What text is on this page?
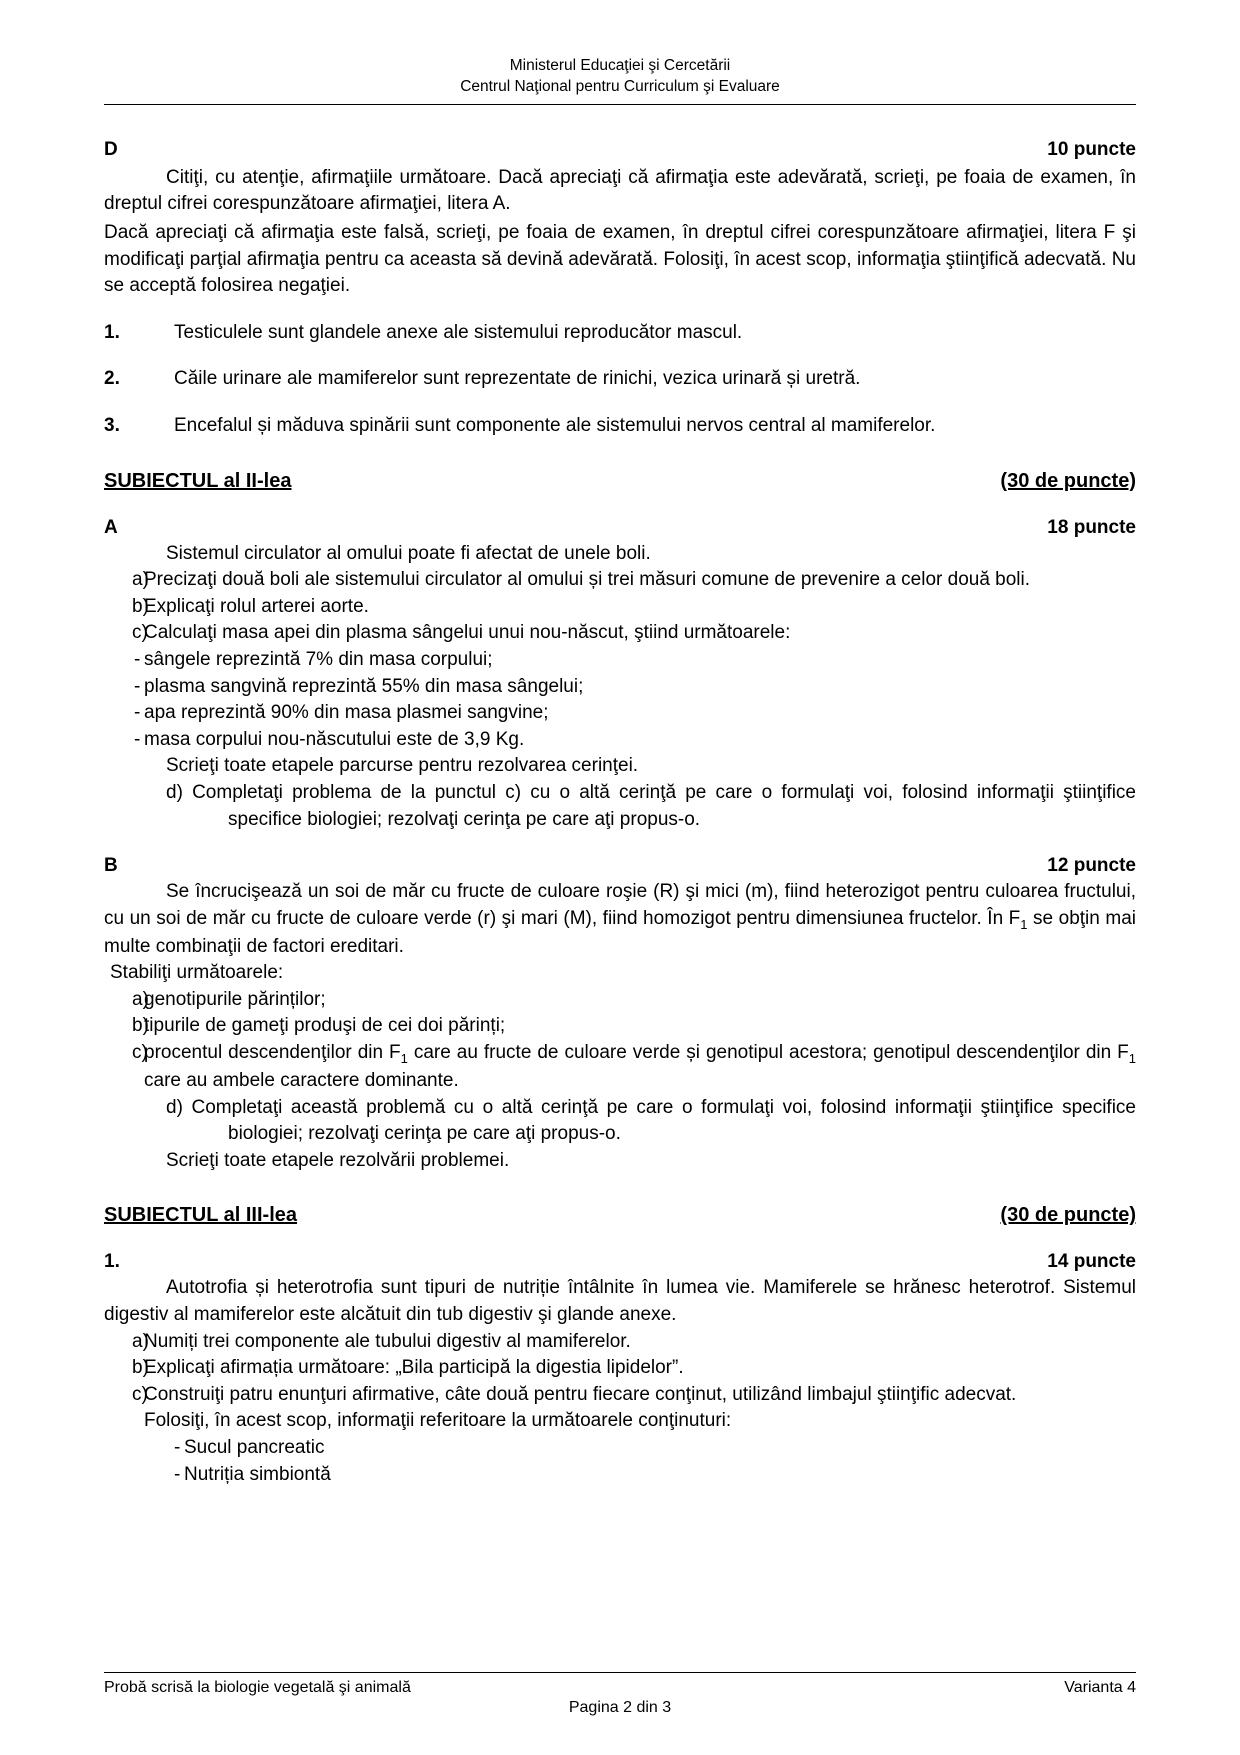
Ministerul Educaţiei şi Cercetării
Centrul Naţional pentru Curriculum şi Evaluare
D	10 puncte
Citiţi, cu atenţie, afirmaţiile următoare. Dacă apreciaţi că afirmaţia este adevărată, scrieţi, pe foaia de examen, în dreptul cifrei corespunzătoare afirmaţiei, litera A.
Dacă apreciaţi că afirmaţia este falsă, scrieţi, pe foaia de examen, în dreptul cifrei corespunzătoare afirmaţiei, litera F şi modificaţi parţial afirmaţia pentru ca aceasta să devină adevărată. Folosiţi, în acest scop, informaţia ştiinţifică adecvată. Nu se acceptă folosirea negaţiei.
1.	Testiculele sunt glandele anexe ale sistemului reproducător mascul.
2.	Căile urinare ale mamiferelor sunt reprezentate de rinichi, vezica urinară și uretră.
3.	Encefalul și măduva spinării sunt componente ale sistemului nervos central al mamiferelor.
SUBIECTUL al II-lea	(30 de puncte)
A	18 puncte
Sistemul circulator al omului poate fi afectat de unele boli.
a)
Precizaţi două boli ale sistemului circulator al omului și trei măsuri comune de prevenire a celor două boli.
b)
Explicaţi rolul arterei aorte.
c)
Calculaţi masa apei din plasma sângelui unui nou-născut, ştiind următoarele:
- sângele reprezintă 7% din masa corpului;
- plasma sangvină reprezintă 55% din masa sângelui;
- apa reprezintă 90% din masa plasmei sangvine;
- masa corpului nou-născutului este de 3,9 Kg.
Scrieţi toate etapele parcurse pentru rezolvarea cerinţei.
d) Completaţi problema de la punctul c) cu o altă cerinţă pe care o formulaţi voi, folosind informaţii ştiinţifice specifice biologiei; rezolvaţi cerinţa pe care aţi propus-o.
B	12 puncte
Se încrucişează un soi de măr cu fructe de culoare roşie (R) şi mici (m), fiind heterozigot pentru culoarea fructului, cu un soi de măr cu fructe de culoare verde (r) şi mari (M), fiind homozigot pentru dimensiunea fructelor. În $F_1$ se obţin mai multe combinaţii de factori ereditari.
Stabiliţi următoarele:
a)
genotipurile părinților;
b)
tipurile de gameţi produşi de cei doi părinți;
c)
procentul descendenţilor din $F_1$ care au fructe de culoare verde și genotipul acestora; genotipul descendenţilor din $F_1$ care au ambele caractere dominante.
d) Completaţi această problemă cu o altă cerinţă pe care o formulaţi voi, folosind informaţii ştiinţifice specifice biologiei; rezolvaţi cerinţa pe care aţi propus-o.
Scrieţi toate etapele rezolvării problemei.
SUBIECTUL al III-lea	(30 de puncte)
1.	14 puncte
Autotrofia și heterotrofia sunt tipuri de nutriție întâlnite în lumea vie. Mamiferele se hrănesc heterotrof. Sistemul digestiv al mamiferelor este alcătuit din tub digestiv şi glande anexe.
a)
Numiți trei componente ale tubului digestiv al mamiferelor.
b)
Explicaţi afirmația următoare: „Bila participă la digestia lipidelor”.
c)
Construiţi patru enunţuri afirmative, câte două pentru fiecare conţinut, utilizând limbajul ştiinţific adecvat.
Folosiţi, în acest scop, informaţii referitoare la următoarele conţinuturi:
- Sucul pancreatic
- Nutriția simbiontă
Probă scrisă la biologie vegetală şi animală	Varianta 4
Pagina 2 din 3
